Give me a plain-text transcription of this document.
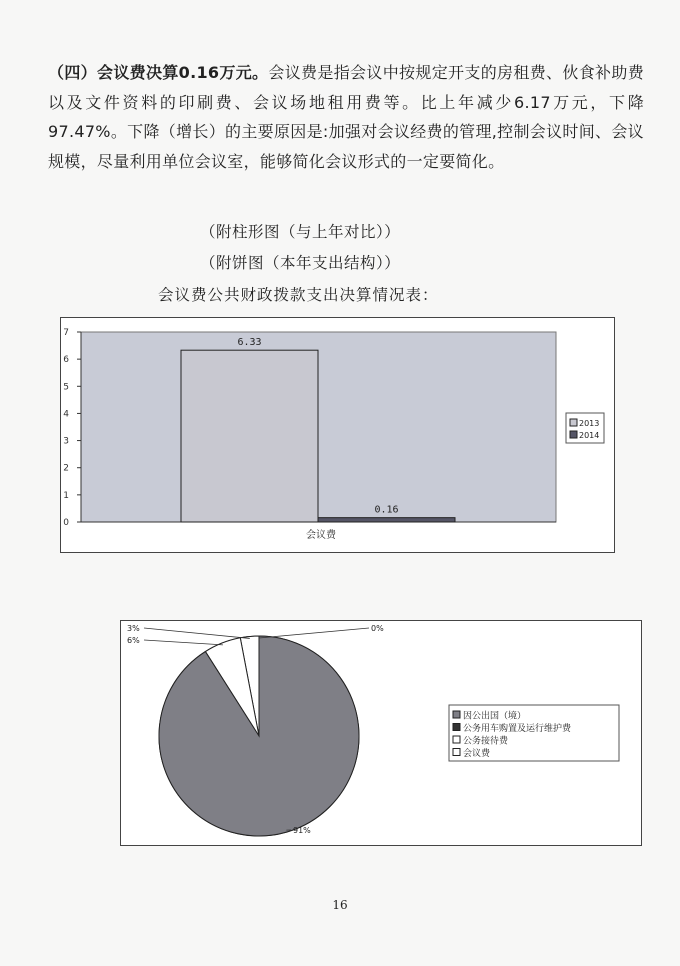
（四）会议费决算0.16万元。会议费是指会议中按规定开支的房租费、伙食补助费以及文件资料的印刷费、会议场地租用费等。比上年减少6.17万元，下降97.47%。下降（增长）的主要原因是:加强对会议经费的管理,控制会议时间、会议规模，尽量利用单位会议室，能够简化会议形式的一定要简化。
（附柱形图（与上年对比））
（附饼图（本年支出结构））
会议费公共财政拨款支出决算情况表：
0
1
2
3
4
5
6
7
6.33
0.16
会议费
2013
2014
91%
0%
6%
3%
因公出国（境）
公务用车购置及运行维护费
公务接待费
会议费
16
